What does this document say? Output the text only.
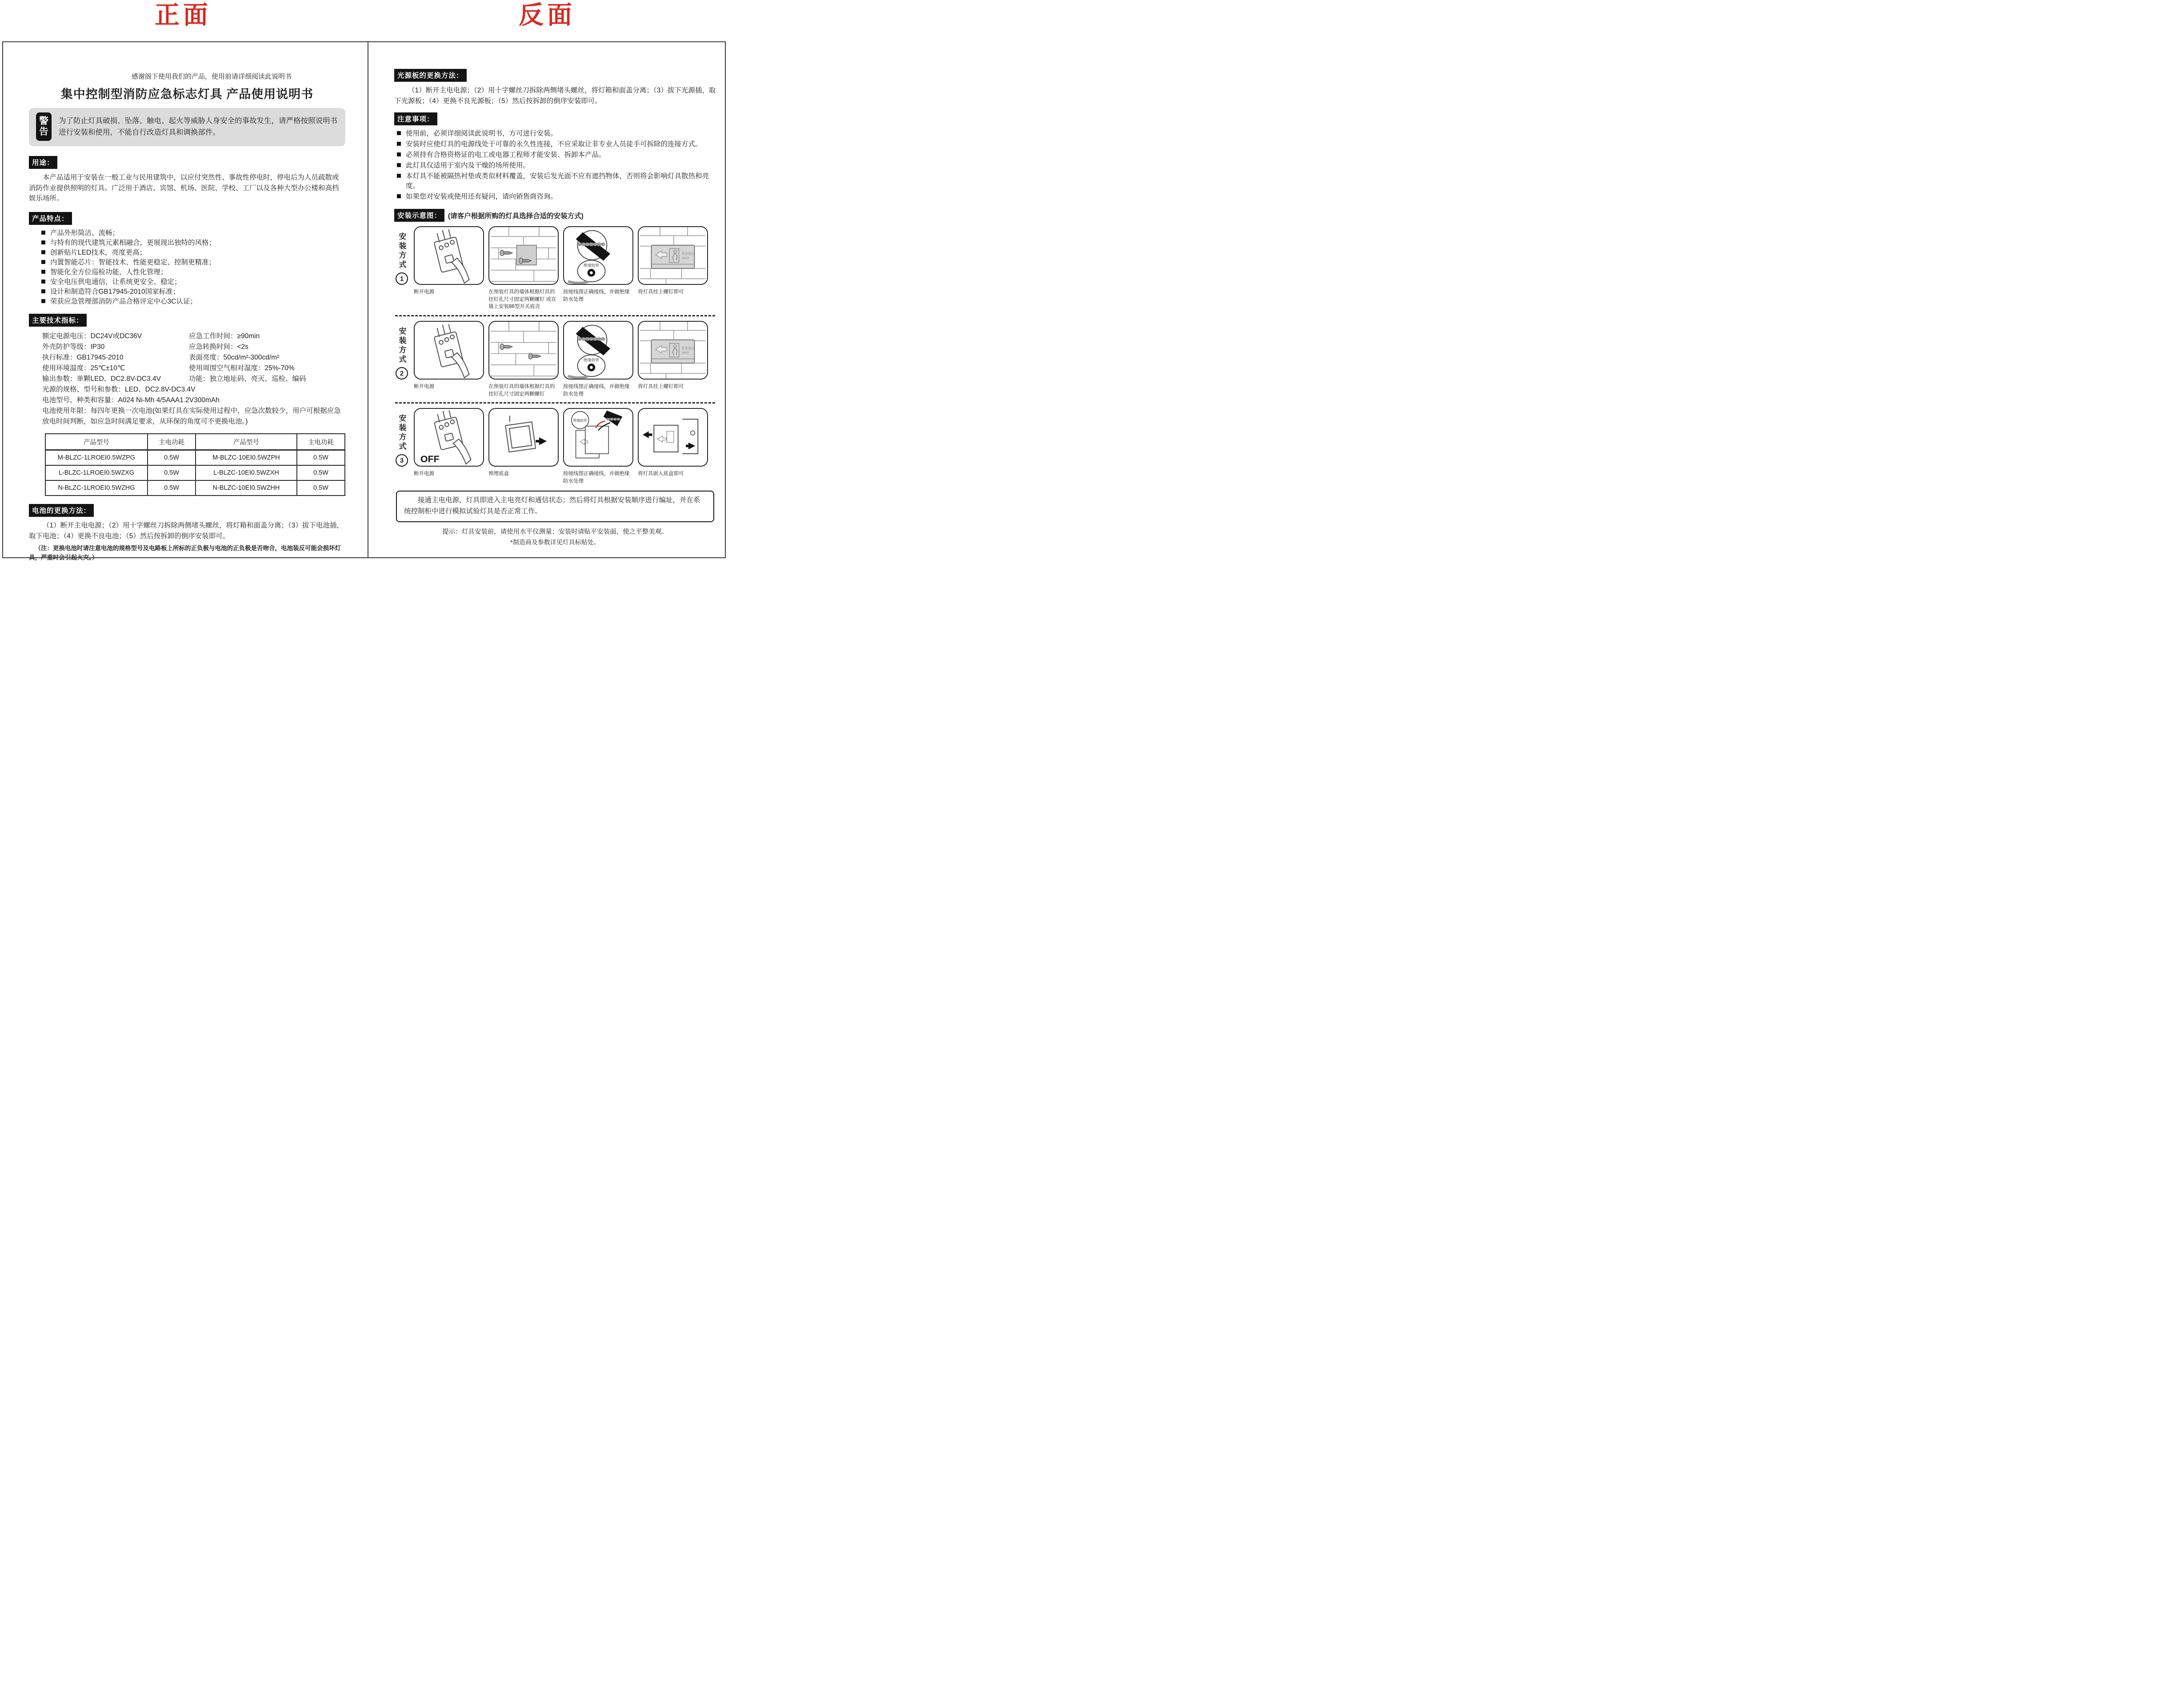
正面	反面
感谢阁下使用我们的产品，使用前请详细阅读此说明书
集中控制型消防应急标志灯具 产品使用说明书
警告
为了防止灯具破损、坠落、触电、起火等威胁人身安全的事故发生，请严格按照说明书进行安装和使用，不能自行改造灯具和调换部件。
用途：
本产品适用于安装在一般工业与民用建筑中，以应付突然性、事故性停电时，停电后为人员疏散或消防作业提供照明的灯具。广泛用于酒店、宾馆、机场、医院、学校、工厂以及各种大型办公楼和高档娱乐场所。
产品特点：
产品外形简洁、流畅；
与特有的现代建筑元素相融合，更展现出独特的风格；
创新贴片LED技术，亮度更高；
内置智能芯片：智能技术、性能更稳定、控制更精准；
智能化全方位巡检功能，人性化管理；
安全电压供电通信，让系统更安全、稳定；
设计和制造符合GB17945-2010国家标准；
荣获应急管理部消防产品合格评定中心3C认证；
主要技术指标：
额定电源电压：DC24V或DC36V	应急工作时间：≥90min
外壳防护等级：IP30	应急转换时间：<2s
执行标准：GB17945-2010	表面亮度：50cd/m²-300cd/m²
使用环境温度：25℃±10℃	使用周围空气相对湿度：25%-70%
输出参数：单颗LED、DC2.8V-DC3.4V	功能：独立地址码、亮灭、巡检、编码
光源的规格、型号和参数：LED、DC2.8V-DC3.4V
电池型号、种类和容量：A024 Ni-Mh 4/5AAA1.2V300mAh
电池使用年限：每四年更换一次电池(如果灯具在实际使用过程中，应急次数较少，用户可根据应急放电时间判断，如应急时间满足要求，从环保的角度可不更换电池。)
产品型号	主电功耗	产品型号	主电功耗
M-BLZC-1LROEⅠ0.5WZPG	0.5W	M-BLZC-10EⅠ0.5WZPH	0.5W
L-BLZC-1LROEⅠ0.5WZXG	0.5W	L-BLZC-10EⅠ0.5WZXH	0.5W
N-BLZC-1LROEⅠ0.5WZHG	0.5W	N-BLZC-10EⅠ0.5WZHH	0.5W
电池的更换方法：
（1）断开主电电源；（2）用十字螺丝刀拆除两侧堵头螺丝，将灯箱和面盖分离；（3）拔下电池插，取下电池；（4）更换不良电池；（5）然后按拆卸的倒序安装即可。
（注：更换电池时请注意电池的规格型号及电路板上所标的正负极与电池的正负极是否吻合，电池装反可能会损坏灯具，严重时会引起火灾。）
光源板的更换方法：
（1）断开主电电源；（2）用十字螺丝刀拆除两侧堵头螺丝，将灯箱和面盖分离；（3）拔下光源插，取下光源板；（4）更换不良光源板；（5）然后按拆卸的倒序安装即可。
注意事项：
使用前，必须详细阅读此说明书，方可进行安装。
安装时应使灯具的电源线处于可靠的永久性连接，不应采取让非专业人员徒手可拆除的连接方式。
必须持有合格资格证的电工或电器工程师才能安装、拆卸本产品。
此灯具仅适用于室内及干燥的场所使用。
本灯具不能被隔热衬垫或类似材料覆盖，安装后发光面不应有遮挡物体，否则将会影响灯具散热和亮度。
如果您对安装或使用还有疑问，请向销售商咨询。
安装示意图： (请客户根据所购的灯具选择合适的安装方式)
安装方式
1
绝缘胶带
安全出口
EXIT
断开电源	在预装灯具的墙体根据灯具的挂钉孔尺寸固定两颗螺钉 或在墙上安装86型开关底壳
按接线图正确接线，并做绝缘防水处理
将灯具挂上螺钉即可
安装方式
2
绝缘胶带
安全出口
EXIT
断开电源	在预装灯具的墙体根据灯具的挂钉孔尺寸固定两颗螺钉
按接线图正确接线，并做绝缘防水处理
将灯具挂上螺钉即可
安装方式
3	OFF
绝缘胶带
断开电源	预埋底盒	按接线图正确接线，并做绝缘防水处理
将灯具嵌入底盒即可
接通主电电源，灯具即进入主电亮灯和通信状态；然后将灯具根据安装顺序进行编址，并在系统控制柜中进行模拟试验灯具是否正常工作。
提示：灯具安装前，请使用水平仪测量；安装时请贴平安装面，使之平整美观。
*制造商及参数详见灯具标贴处。
